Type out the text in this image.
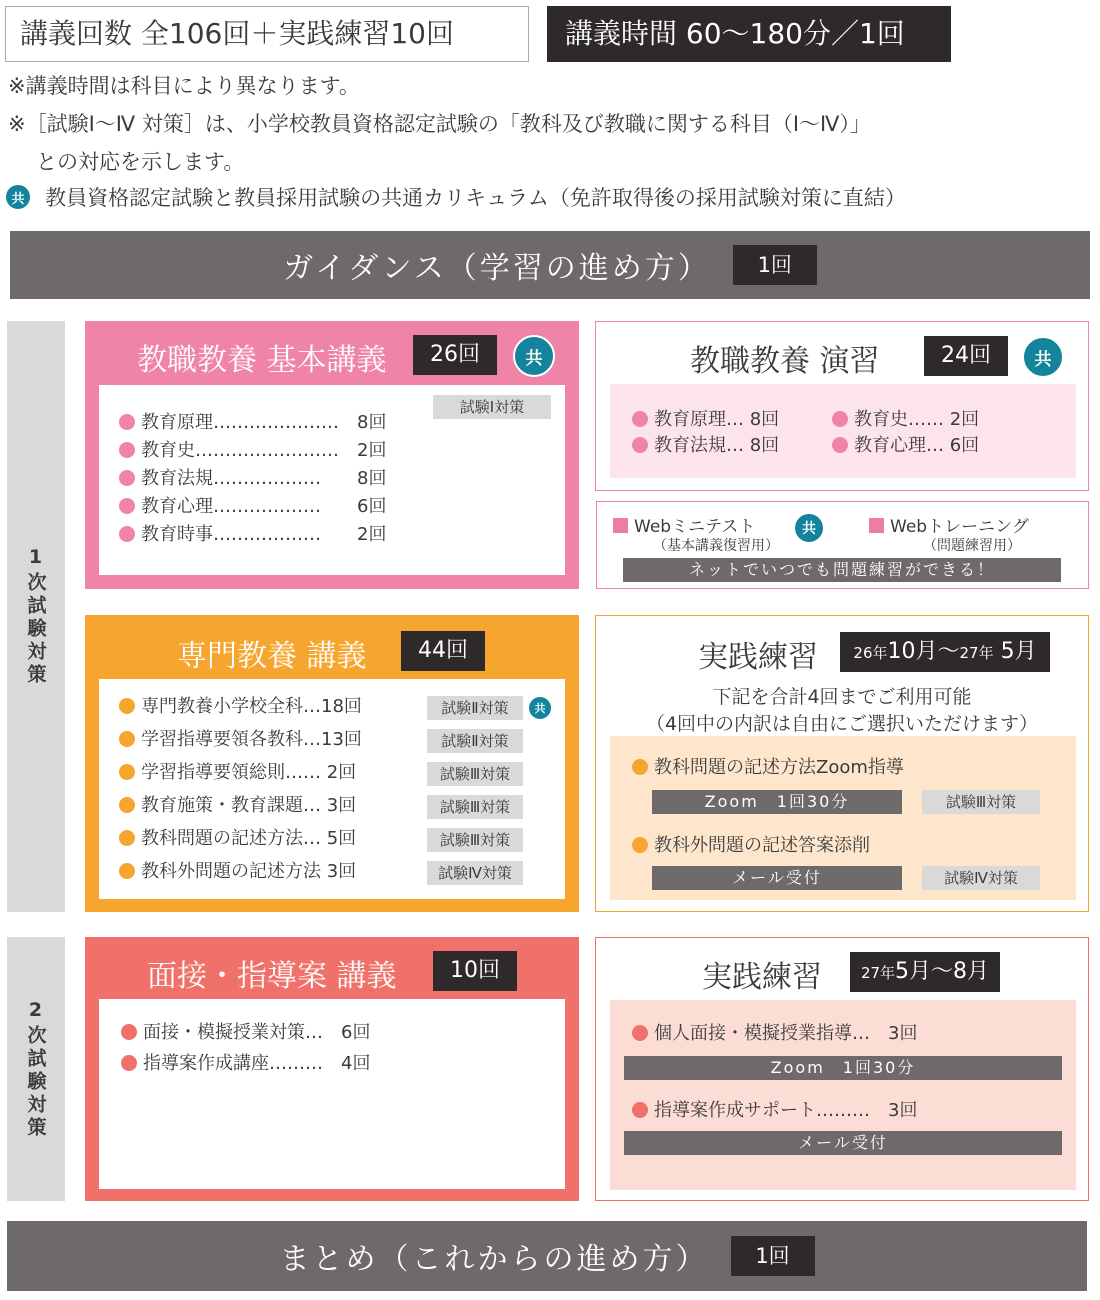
講義回数 全106回＋実践練習10回	講義時間 60〜180分／1回
※講義時間は科目により異なります。
※［試験Ⅰ〜Ⅳ 対策］は、小学校教員資格認定試験の「教科及び教職に関する科目（Ⅰ〜Ⅳ）」
との対応を示します。
共 教員資格認定試験と教員採用試験の共通カリキュラム（免許取得後の採用試験対策に直結）
ガイダンス（学習の進め方）	1回
1次試験対策
2次試験対策
教職教養 基本講義	26回	共
試験Ⅰ対策
教育原理………………… 8回
教育史…………………… 2回
教育法規……………… 8回
教育心理……………… 6回
教育時事……………… 2回
教職教養 演習	24回	共
教育原理… 8回	教育史…… 2回
教育法規… 8回	教育心理… 6回
Webミニテスト
（基本講義復習用）
共	Webトレーニング
（問題練習用）
ネットでいつでも問題練習ができる！
専門教養 講義	44回
専門教養小学校全科…18回	試験Ⅱ対策
学習指導要領各教科…13回	試験Ⅱ対策
学習指導要領総則…… 2回	試験Ⅲ対策
教育施策・教育課題… 3回	試験Ⅲ対策
教科問題の記述方法… 5回	試験Ⅲ対策
教科外問題の記述方法 3回	試験Ⅳ対策
共
実践練習	26年10月〜27年 5月
下記を合計4回までご利用可能
（4回中の内訳は自由にご選択いただけます）
教科問題の記述方法Zoom指導
Zoom　1回30分	試験Ⅲ対策
教科外問題の記述答案添削
メール受付	試験Ⅳ対策
面接・指導案 講義	10回
面接・模擬授業対策…　6回
指導案作成講座………　4回
実践練習	27年5月〜8月
個人面接・模擬授業指導…　3回
Zoom　1回30分
指導案作成サポート………　3回
メール受付
まとめ（これからの進め方）	1回
